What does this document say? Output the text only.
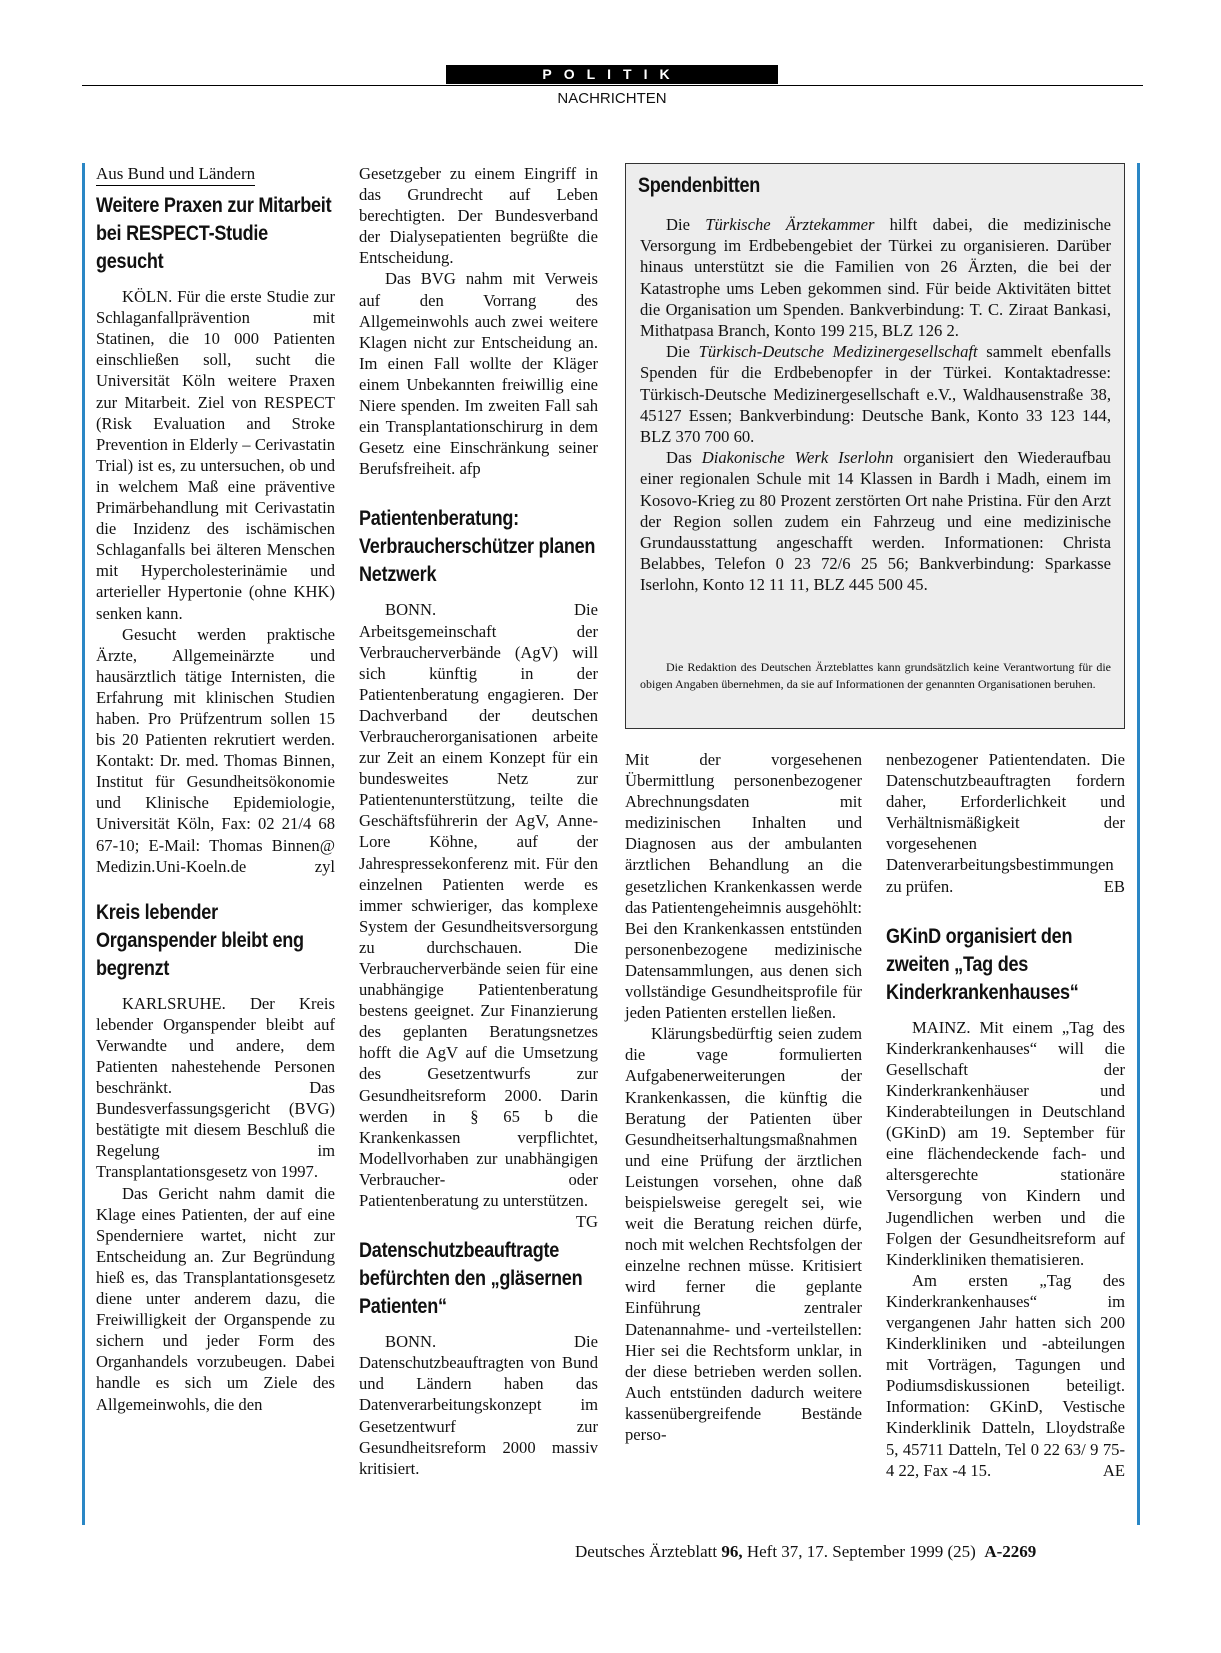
POLITIK
NACHRICHTEN
Aus Bund und Ländern
Weitere Praxen zur Mitarbeit bei RESPECT-Studie gesucht

KÖLN. Für die erste Studie zur Schlaganfallprävention mit Statinen, die 10 000 Patienten einschließen soll, sucht die Universität Köln weitere Praxen zur Mitarbeit. Ziel von RESPECT (Risk Evaluation and Stroke Prevention in Elderly – Cerivastatin Trial) ist es, zu untersuchen, ob und in welchem Maß eine präventive Primärbehandlung mit Cerivastatin die Inzidenz des ischämischen Schlaganfalls bei älteren Menschen mit Hypercholesterinämie und arterieller Hypertonie (ohne KHK) senken kann.

Gesucht werden praktische Ärzte, Allgemeinärzte und hausärztlich tätige Internisten, die Erfahrung mit klinischen Studien haben. Pro Prüfzentrum sollen 15 bis 20 Patienten rekrutiert werden. Kontakt: Dr. med. Thomas Binnen, Institut für Gesundheitsökonomie und Klinische Epidemiologie, Universität Köln, Fax: 02 21/4 68 67-10; E-Mail: Thomas Binnen@ Medizin.Uni-Koeln.de	zyl

Kreis lebender Organspender bleibt eng begrenzt

KARLSRUHE. Der Kreis lebender Organspender bleibt auf Verwandte und andere, dem Patienten nahestehende Personen beschränkt. Das Bundesverfassungsgericht (BVG) bestätigte mit diesem Beschluß die Regelung im Transplantationsgesetz von 1997.

Das Gericht nahm damit die Klage eines Patienten, der auf eine Spenderniere wartet, nicht zur Entscheidung an. Zur Begründung hieß es, das Transplantationsgesetz diene unter anderem dazu, die Freiwilligkeit der Organspende zu sichern und jeder Form des Organhandels vorzubeugen. Dabei handle es sich um Ziele des Allgemeinwohls, die den

Gesetzgeber zu einem Eingriff in das Grundrecht auf Leben berechtigten. Der Bundesverband der Dialysepatienten begrüßte die Entscheidung.

Das BVG nahm mit Verweis auf den Vorrang des Allgemeinwohls auch zwei weitere Klagen nicht zur Entscheidung an. Im einen Fall wollte der Kläger einem Unbekannten freiwillig eine Niere spenden. Im zweiten Fall sah ein Transplantationschirurg in dem Gesetz eine Einschränkung seiner Berufsfreiheit. afp

Patientenberatung: Verbraucherschützer planen Netzwerk

BONN. Die Arbeitsgemeinschaft der Verbraucherverbände (AgV) will sich künftig in der Patientenberatung engagieren. Der Dachverband der deutschen Verbraucherorganisationen arbeite zur Zeit an einem Konzept für ein bundesweites Netz zur Patientenunterstützung, teilte die Geschäftsführerin der AgV, Anne-Lore Köhne, auf der Jahrespressekonferenz mit. Für den einzelnen Patienten werde es immer schwieriger, das komplexe System der Gesundheitsversorgung zu durchschauen. Die Verbraucherverbände seien für eine unabhängige Patientenberatung bestens geeignet. Zur Finanzierung des geplanten Beratungsnetzes hofft die AgV auf die Umsetzung des Gesetzentwurfs zur Gesundheitsreform 2000. Darin werden in § 65 b die Krankenkassen verpflichtet, Modellvorhaben zur unabhängigen Verbraucher- oder Patientenberatung zu unterstützen.
TG

Datenschutzbeauftragte befürchten den „gläsernen Patienten“

BONN. Die Datenschutzbeauftragten von Bund und Ländern haben das Datenverarbeitungskonzept im Gesetzentwurf zur Gesundheitsreform 2000 massiv kritisiert.

Spendenbitten

Die Türkische Ärztekammer hilft dabei, die medizinische Versorgung im Erdbebengebiet der Türkei zu organisieren. Darüber hinaus unterstützt sie die Familien von 26 Ärzten, die bei der Katastrophe ums Leben gekommen sind. Für beide Aktivitäten bittet die Organisation um Spenden. Bankverbindung: T. C. Ziraat Bankasi, Mithatpasa Branch, Konto 199 215, BLZ 126 2.

Die Türkisch-Deutsche Medizinergesellschaft sammelt ebenfalls Spenden für die Erdbebenopfer in der Türkei. Kontaktadresse: Türkisch-Deutsche Medizinergesellschaft e.V., Waldhausenstraße 38, 45127 Essen; Bankverbindung: Deutsche Bank, Konto 33 123 144, BLZ 370 700 60.

Das Diakonische Werk Iserlohn organisiert den Wiederaufbau einer regionalen Schule mit 14 Klassen in Bardh i Madh, einem im Kosovo-Krieg zu 80 Prozent zerstörten Ort nahe Pristina. Für den Arzt der Region sollen zudem ein Fahrzeug und eine medizinische Grundausstattung angeschafft werden. Informationen: Christa Belabbes, Telefon 0 23 72/6 25 56; Bankverbindung: Sparkasse Iserlohn, Konto 12 11 11, BLZ 445 500 45.

Die Redaktion des Deutschen Ärzteblattes kann grundsätzlich keine Verantwortung für die obigen Angaben übernehmen, da sie auf Informationen der genannten Organisationen beruhen.

Mit der vorgesehenen Übermittlung personenbezogener Abrechnungsdaten mit medizinischen Inhalten und Diagnosen aus der ambulanten ärztlichen Behandlung an die gesetzlichen Krankenkassen werde das Patientengeheimnis ausgehöhlt: Bei den Krankenkassen entstünden personenbezogene medizinische Datensammlungen, aus denen sich vollständige Gesundheitsprofile für jeden Patienten erstellen ließen.

Klärungsbedürftig seien zudem die vage formulierten Aufgabenerweiterungen der Krankenkassen, die künftig die Beratung der Patienten über Gesundheitserhaltungsmaßnahmen und eine Prüfung der ärztlichen Leistungen vorsehen, ohne daß beispielsweise geregelt sei, wie weit die Beratung reichen dürfe, noch mit welchen Rechtsfolgen der einzelne rechnen müsse. Kritisiert wird ferner die geplante Einführung zentraler Datenannahme- und -verteilstellen: Hier sei die Rechtsform unklar, in der diese betrieben werden sollen. Auch entstünden dadurch weitere kassenübergreifende Bestände perso-

nenbezogener Patientendaten. Die Datenschutzbeauftragten fordern daher, Erforderlichkeit und Verhältnismäßigkeit der vorgesehenen Datenverarbeitungsbestimmungen zu prüfen.	EB

GKinD organisiert den zweiten „Tag des Kinderkrankenhauses“

MAINZ. Mit einem „Tag des Kinderkrankenhauses“ will die Gesellschaft der Kinderkrankenhäuser und Kinderabteilungen in Deutschland (GKinD) am 19. September für eine flächendeckende fach- und altersgerechte stationäre Versorgung von Kindern und Jugendlichen werben und die Folgen der Gesundheitsreform auf Kinderkliniken thematisieren.

Am ersten „Tag des Kinderkrankenhauses“ im vergangenen Jahr hatten sich 200 Kinderkliniken und -abteilungen mit Vorträgen, Tagungen und Podiumsdiskussionen beteiligt. Information: GKinD, Vestische Kinderklinik Datteln, Lloydstraße 5, 45711 Datteln, Tel 0 22 63/ 9 75-4 22, Fax -4 15.	AE

Deutsches Ärzteblatt 96, Heft 37, 17. September 1999 (25) A-2269
